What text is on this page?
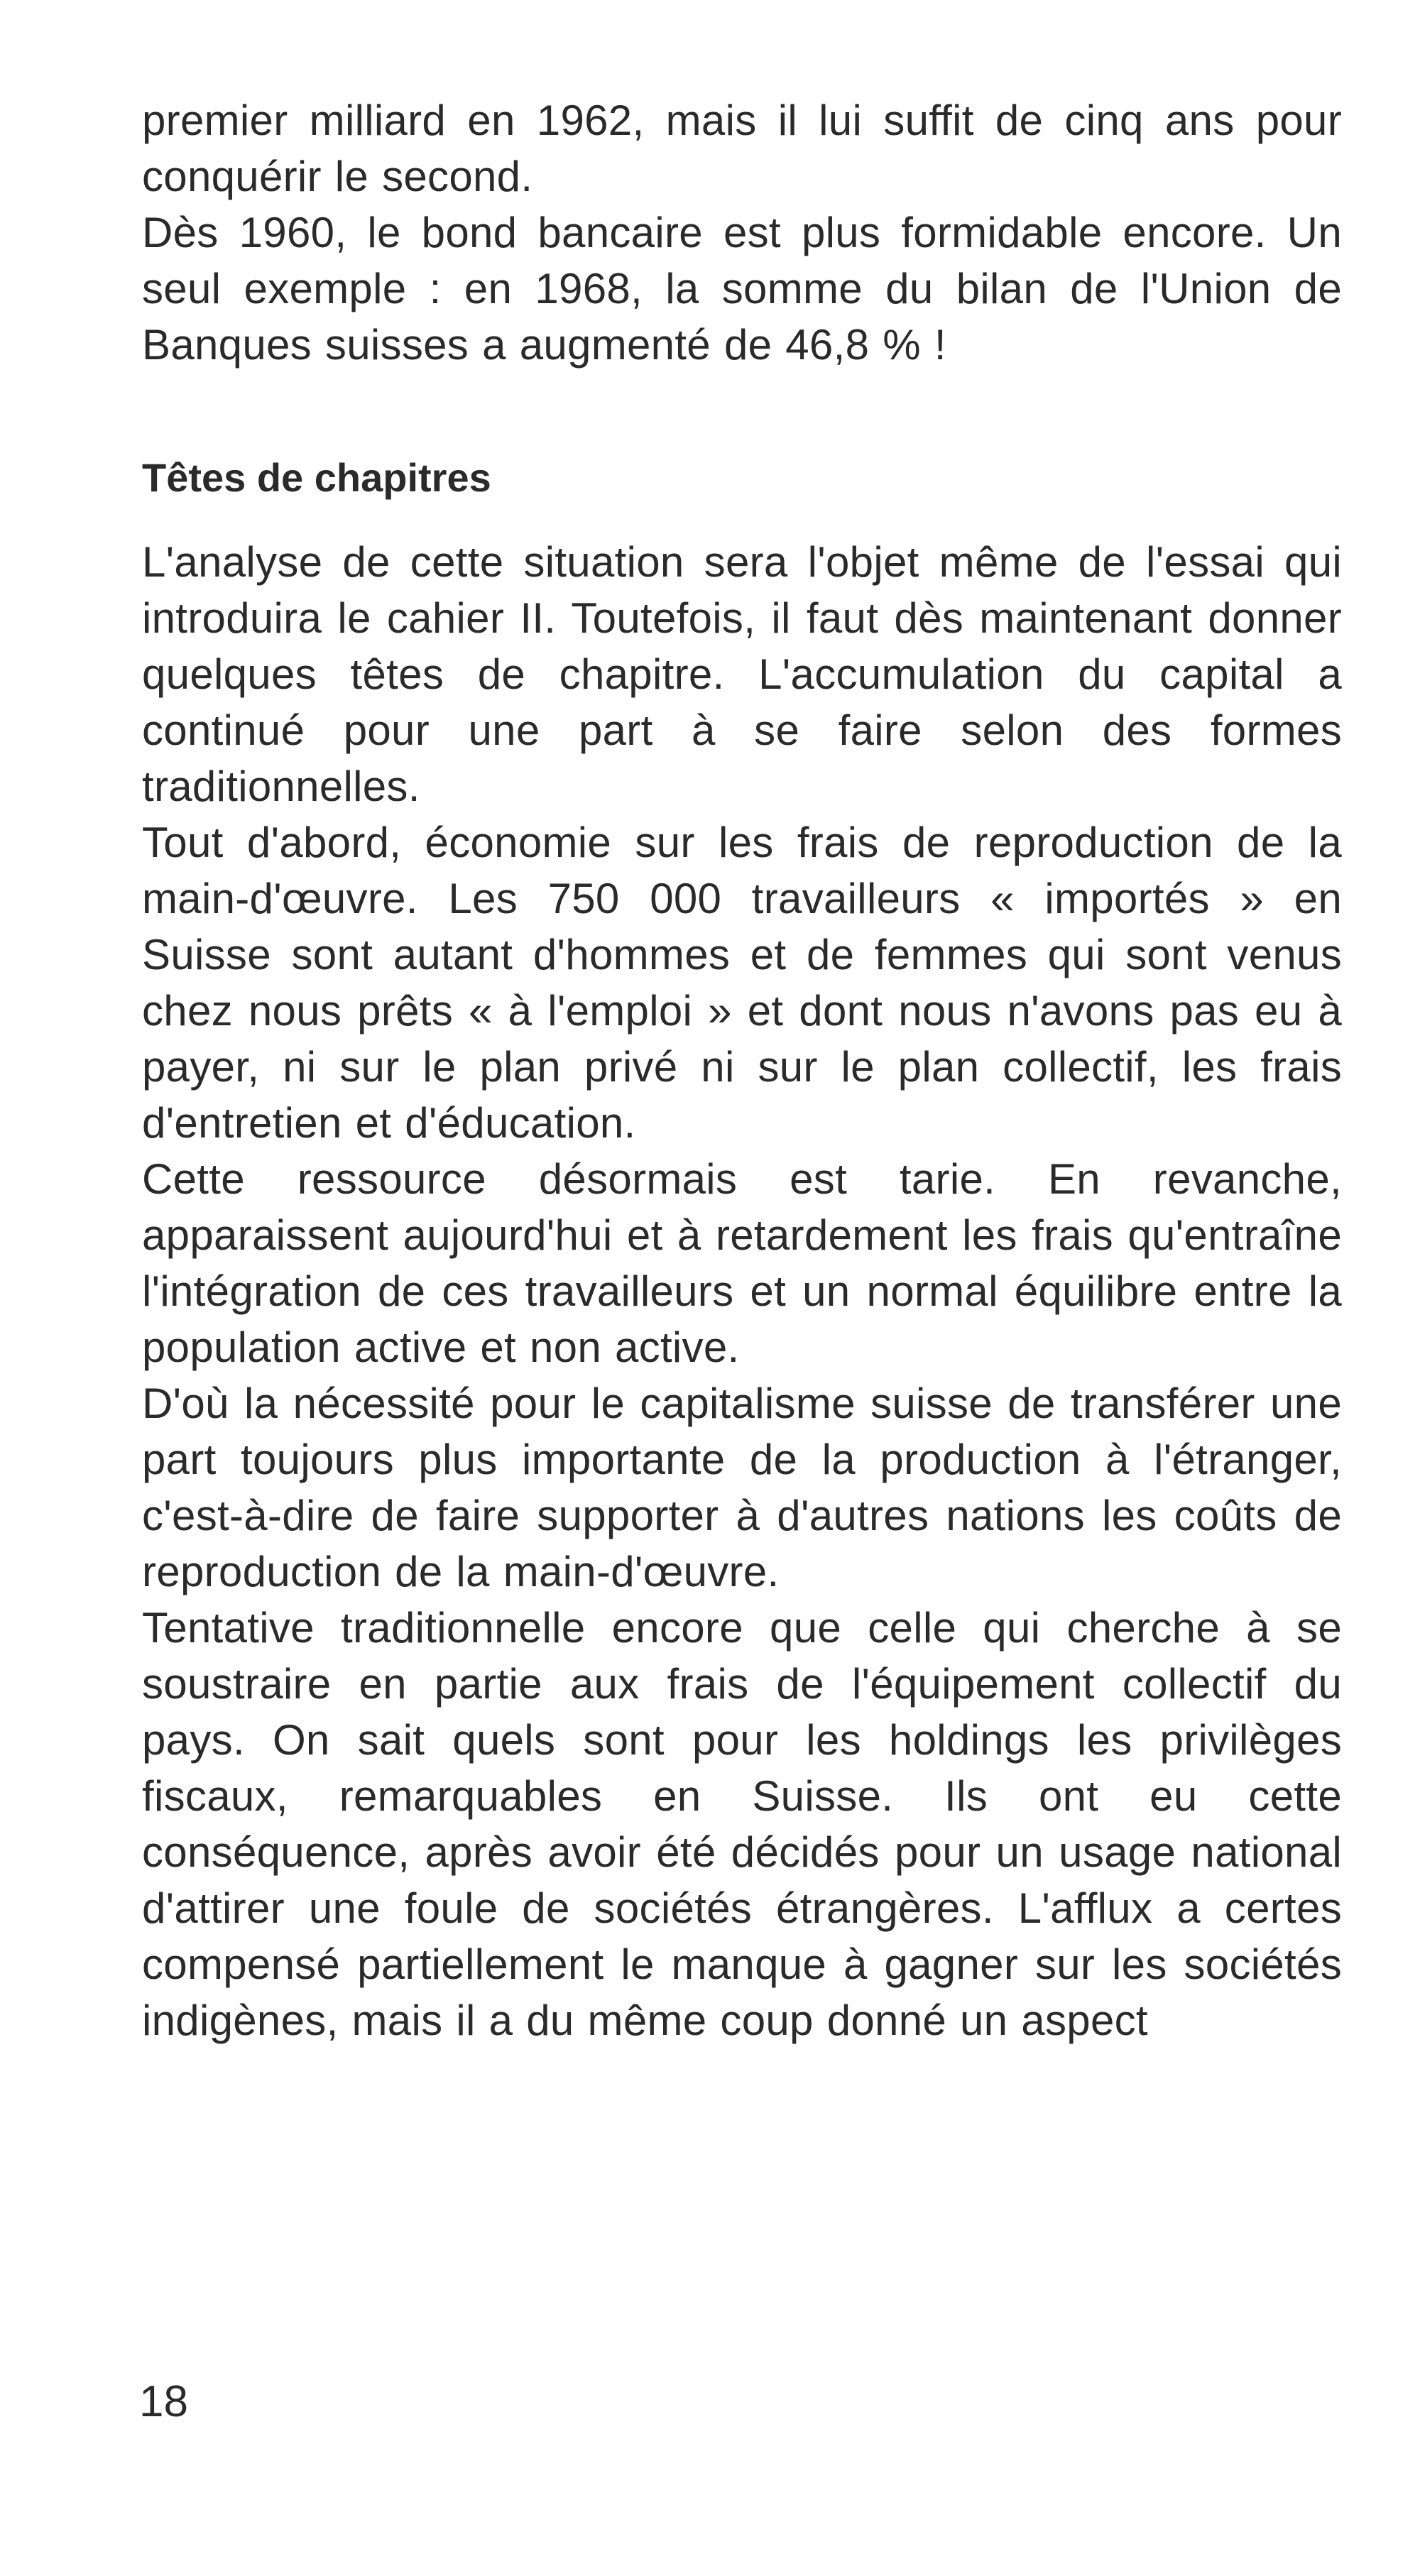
premier milliard en 1962, mais il lui suffit de cinq ans pour conquérir le second.

Dès 1960, le bond bancaire est plus formidable encore. Un seul exemple : en 1968, la somme du bilan de l'Union de Banques suisses a augmenté de 46,8 % !

Têtes de chapitres

L'analyse de cette situation sera l'objet même de l'essai qui introduira le cahier II. Toutefois, il faut dès maintenant donner quelques têtes de chapitre. L'accumulation du capital a continué pour une part à se faire selon des formes traditionnelles.

Tout d'abord, économie sur les frais de reproduction de la main-d'œuvre. Les 750 000 travailleurs « importés » en Suisse sont autant d'hommes et de femmes qui sont venus chez nous prêts « à l'emploi » et dont nous n'avons pas eu à payer, ni sur le plan privé ni sur le plan collectif, les frais d'entretien et d'éducation.

Cette ressource désormais est tarie. En revanche, apparaissent aujourd'hui et à retardement les frais qu'entraîne l'intégration de ces travailleurs et un normal équilibre entre la population active et non active.

D'où la nécessité pour le capitalisme suisse de transférer une part toujours plus importante de la production à l'étranger, c'est-à-dire de faire supporter à d'autres nations les coûts de reproduction de la main-d'œuvre.

Tentative traditionnelle encore que celle qui cherche à se soustraire en partie aux frais de l'équipement collectif du pays. On sait quels sont pour les holdings les privilèges fiscaux, remarquables en Suisse. Ils ont eu cette conséquence, après avoir été décidés pour un usage national d'attirer une foule de sociétés étrangères. L'afflux a certes compensé partiellement le manque à gagner sur les sociétés indigènes, mais il a du même coup donné un aspect

18
